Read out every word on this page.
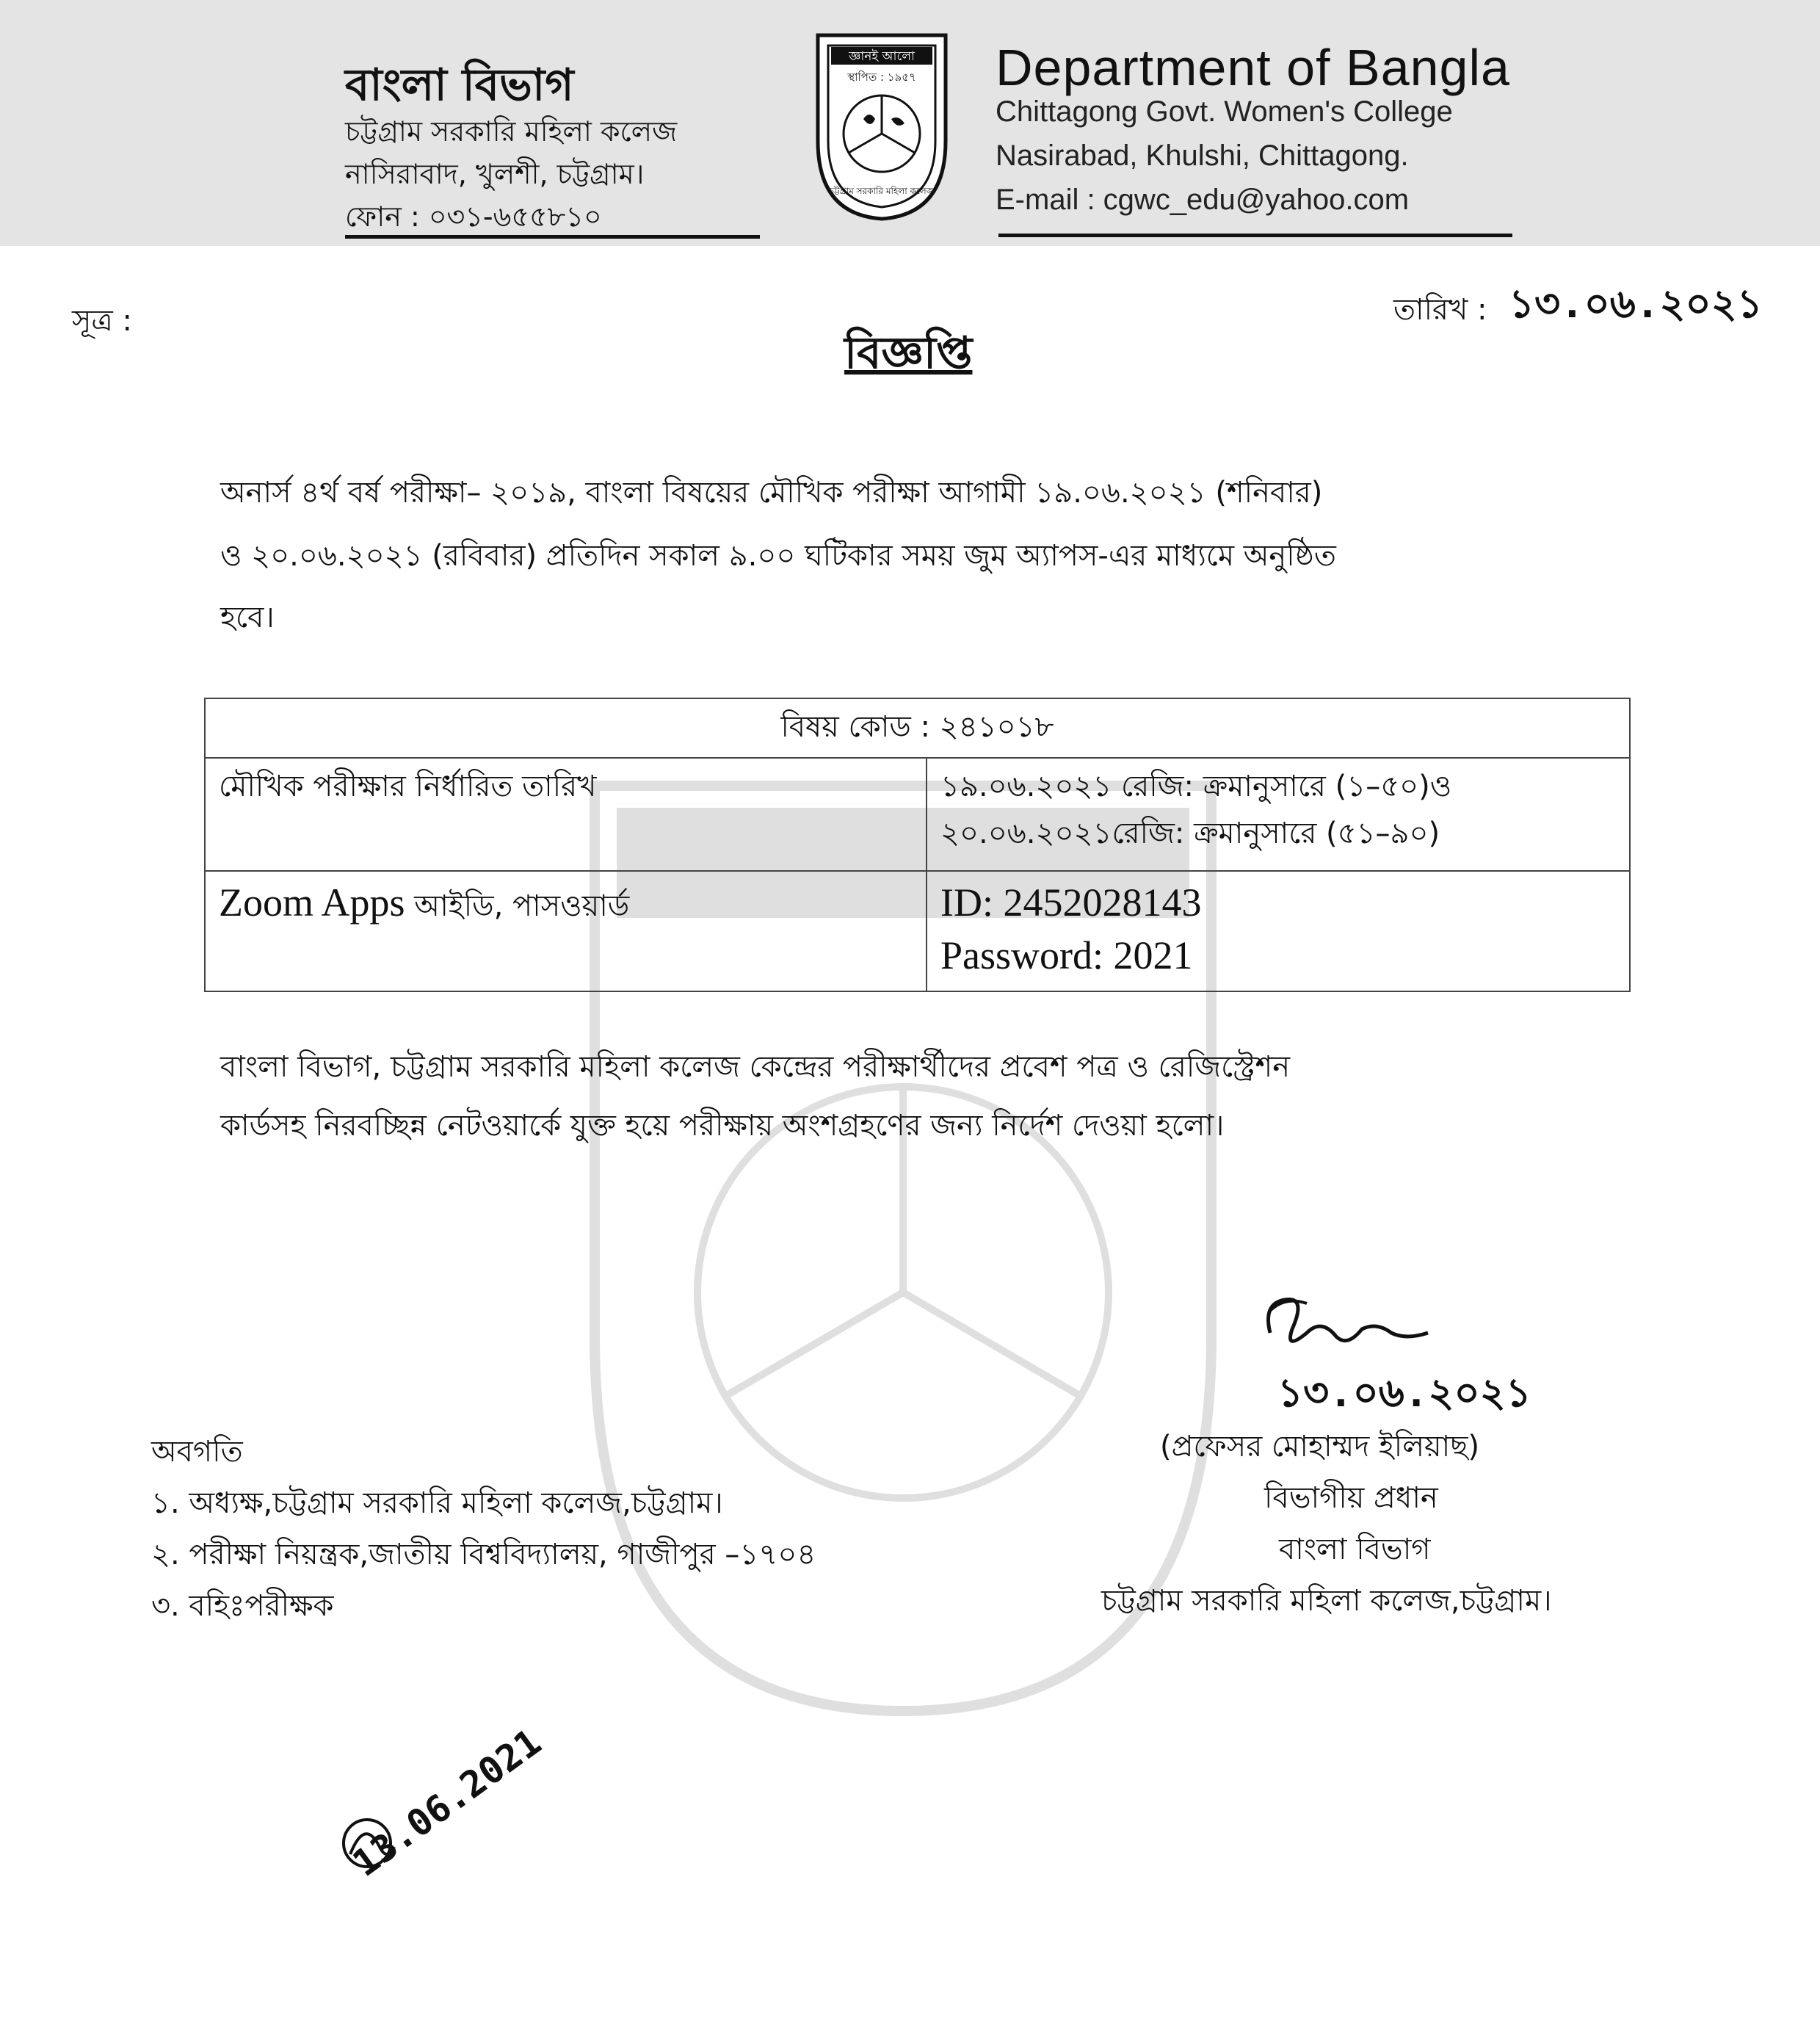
বাংলা বিভাগ
চট্টগ্রাম সরকারি মহিলা কলেজ
নাসিরাবাদ, খুলশী, চট্টগ্রাম।
ফোন : ০৩১-৬৫৫৮১০
জ্ঞানই আলো
স্থাপিত : ১৯৫৭
চট্টগ্রাম সরকারি মহিলা কলেজ
Department of Bangla
Chittagong Govt. Women's College
Nasirabad, Khulshi, Chittagong.
E-mail : cgwc_edu@yahoo.com
সূত্র :	তারিখ : ১৩.০৬.২০২১
বিজ্ঞপ্তি
অনার্স ৪র্থ বর্ষ পরীক্ষা– ২০১৯, বাংলা বিষয়ের মৌখিক পরীক্ষা আগামী ১৯.০৬.২০২১ (শনিবার)
ও ২০.০৬.২০২১ (রবিবার) প্রতিদিন সকাল ৯.০০ ঘটিকার সময় জুম অ্যাপস-এর মাধ্যমে অনুষ্ঠিত
হবে।
বিষয় কোড : ২৪১০১৮	
মৌখিক পরীক্ষার নির্ধারিত তারিখ	১৯.০৬.২০২১ রেজি: ক্রমানুসারে (১–৫০)ও
২০.০৬.২০২১রেজি: ক্রমানুসারে (৫১–৯০)

Zoom Apps আইডি, পাসওয়ার্ড	ID: 2452028143
Password: 2021
বাংলা বিভাগ, চট্টগ্রাম সরকারি মহিলা কলেজ কেন্দ্রের পরীক্ষার্থীদের প্রবেশ পত্র ও রেজিস্ট্রেশন
কার্ডসহ নিরবচ্ছিন্ন নেটওয়ার্কে যুক্ত হয়ে পরীক্ষায় অংশগ্রহণের জন্য নির্দেশ দেওয়া হলো।
১৩.০৬.২০২১
(প্রফেসর মোহাম্মদ ইলিয়াছ)
বিভাগীয় প্রধান
বাংলা বিভাগ
চট্টগ্রাম সরকারি মহিলা কলেজ,চট্টগ্রাম।
অবগতি
১. অধ্যক্ষ,চট্টগ্রাম সরকারি মহিলা কলেজ,চট্টগ্রাম।
২. পরীক্ষা নিয়ন্ত্রক,জাতীয় বিশ্ববিদ্যালয়, গাজীপুর –১৭০৪
৩. বহিঃপরীক্ষক
13.06.2021
